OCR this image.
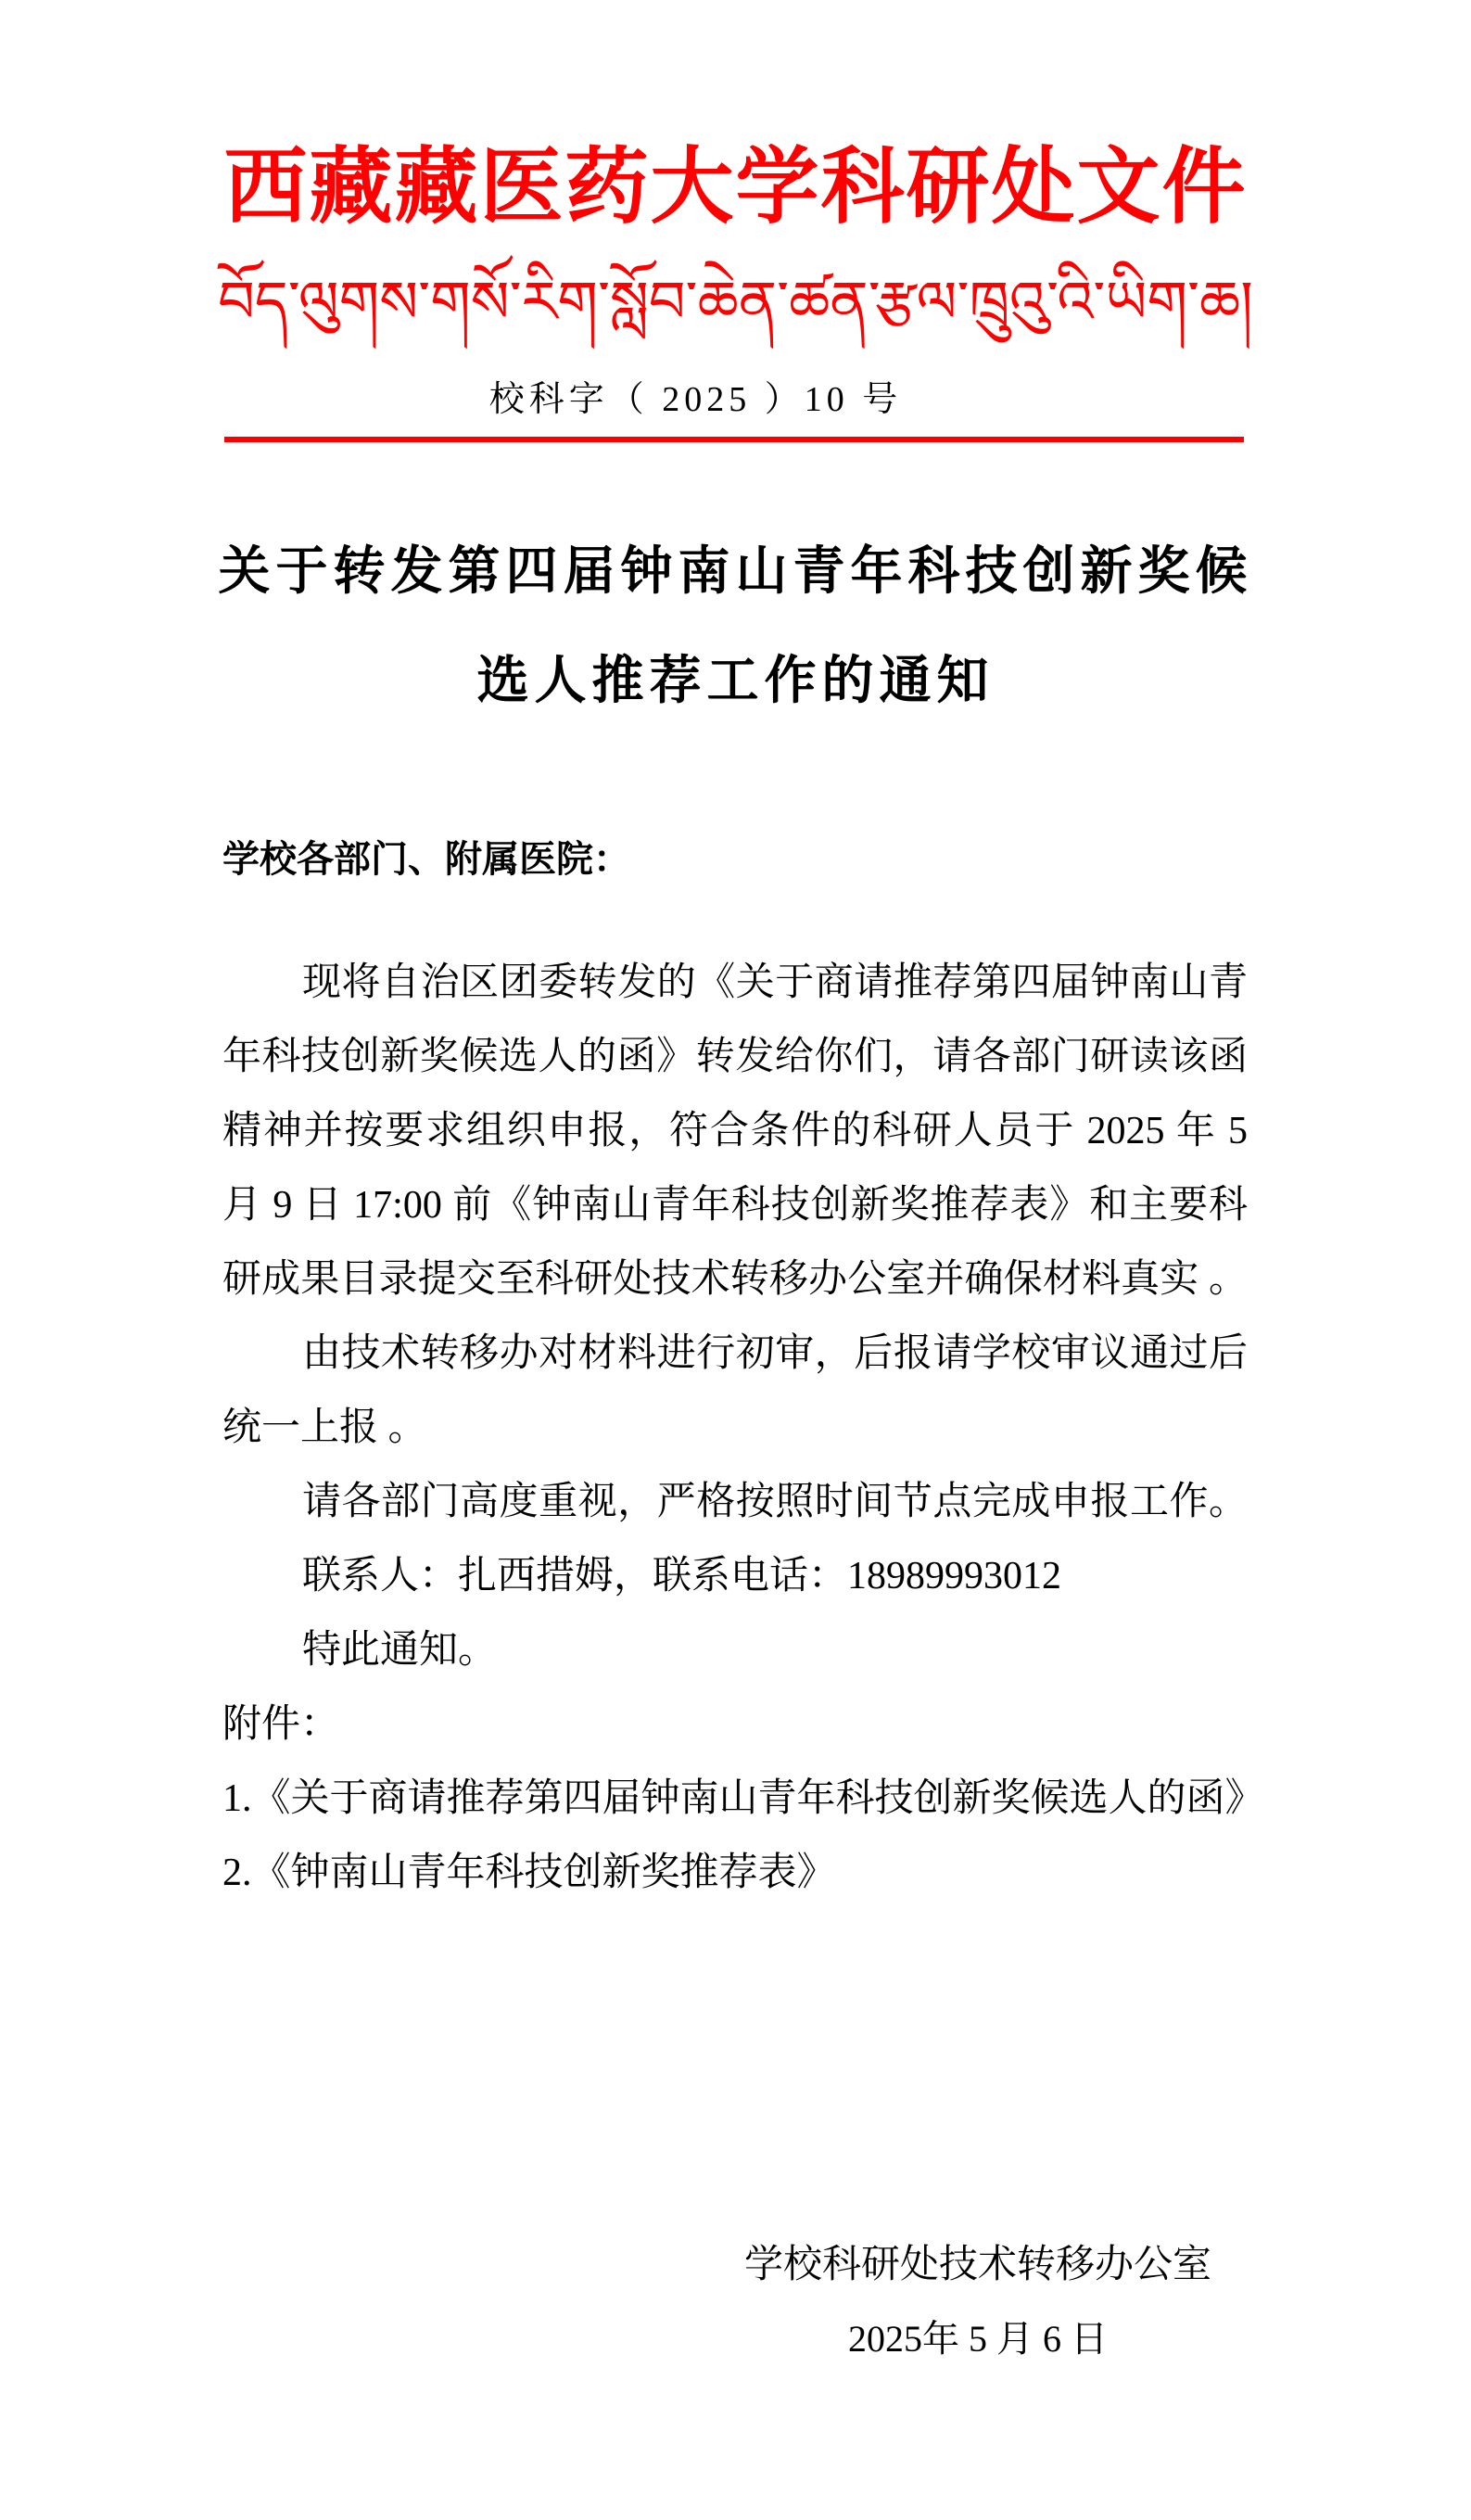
西藏藏医药大学科研处文件
བོད་ལུགས་གསོ་རིག་སློབ་ཆེན་ཚན་རྩལ་ཁྲུའུ་འི་ཡིག་ཆ།
校科字（ 2025 ）10 号
关于转发第四届钟南山青年科技创新奖候
选人推荐工作的通知
学校各部门、附属医院：
现将自治区团委转发的《关于商请推荐第四届钟南山青
年科技创新奖候选人的函》转发给你们，请各部门研读该函
精神并按要求组织申报，符合条件的科研人员于 2025 年 5
月 9 日 17:00 前《钟南山青年科技创新奖推荐表》和主要科
研成果目录提交至科研处技术转移办公室并确保材料真实 。
由技术转移办对材料进行初审，后报请学校审议通过后
统一上报 。
请各部门高度重视，严格按照时间节点完成申报工作。
联系人：扎西措姆，联系电话：18989993012
特此通知。
附件：
1.《关于商请推荐第四届钟南山青年科技创新奖候选人的函》
2.《钟南山青年科技创新奖推荐表》
学校科研处技术转移办公室
2025年 5 月 6 日
